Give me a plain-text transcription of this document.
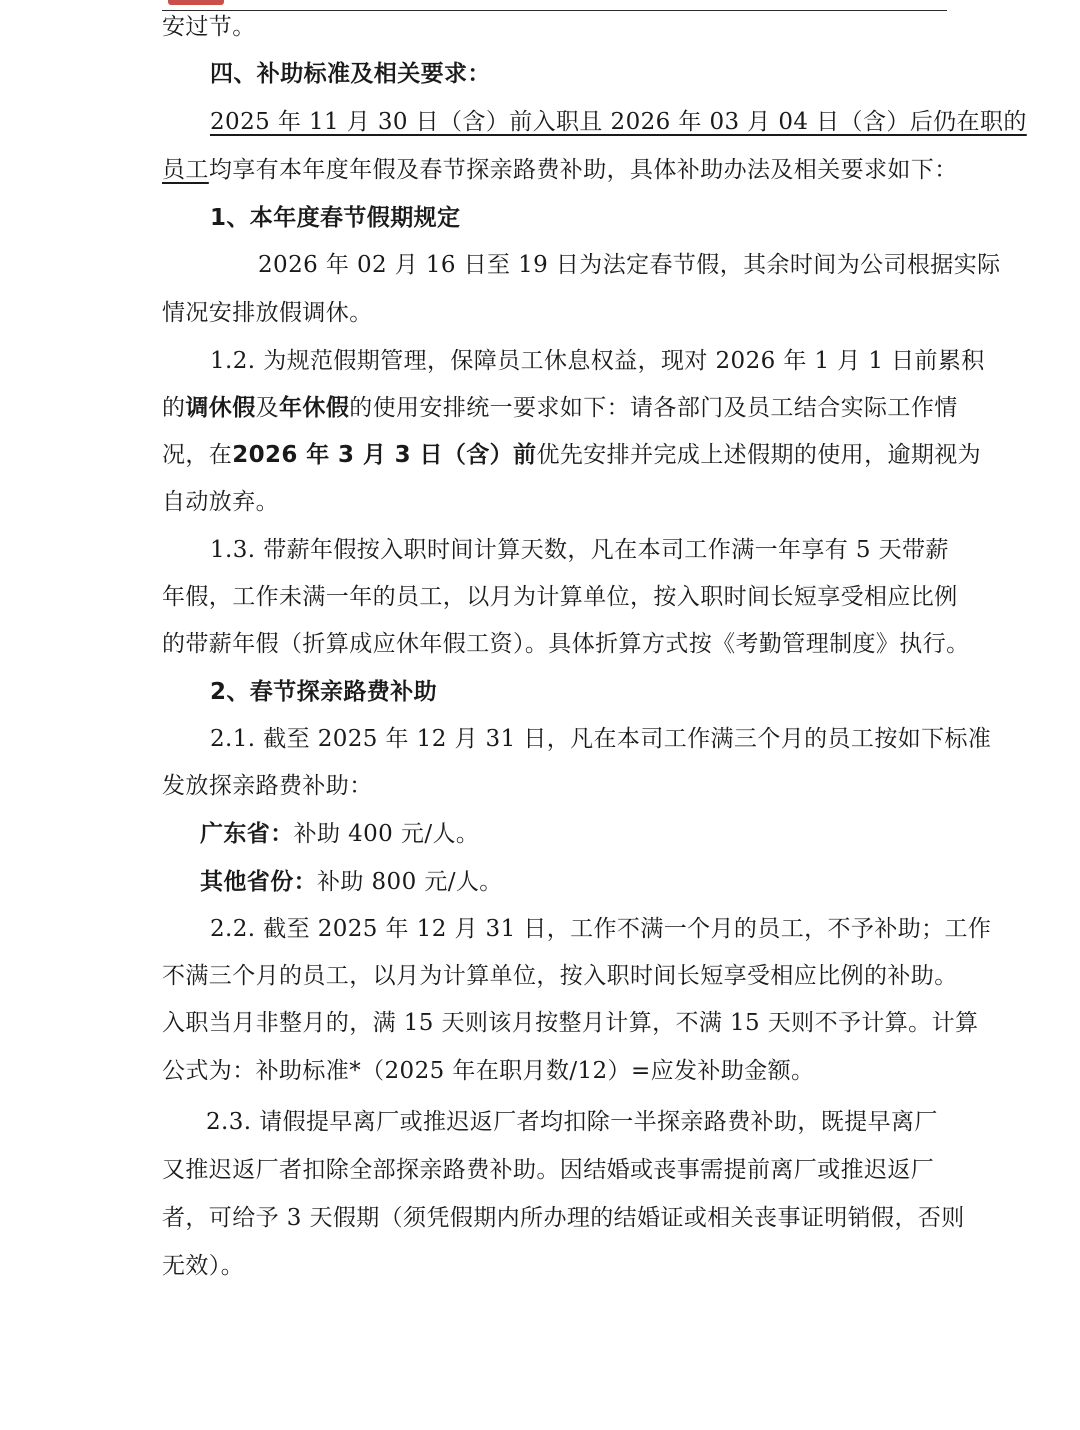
安过节。
四、补助标准及相关要求：
2025 年 11 月 30 日（含）前入职且 2026 年 03 月 04 日（含）后仍在职的
员工均享有本年度年假及春节探亲路费补助，具体补助办法及相关要求如下：
1、本年度春节假期规定
2026 年 02 月 16 日至 19 日为法定春节假，其余时间为公司根据实际
情况安排放假调休。
1.2. 为规范假期管理，保障员工休息权益，现对 2026 年 1 月 1 日前累积
的调休假及年休假的使用安排统一要求如下：请各部门及员工结合实际工作情
况，在2026 年 3 月 3 日（含）前优先安排并完成上述假期的使用，逾期视为
自动放弃。
1.3. 带薪年假按入职时间计算天数，凡在本司工作满一年享有 5 天带薪
年假，工作未满一年的员工，以月为计算单位，按入职时间长短享受相应比例
的带薪年假（折算成应休年假工资）。具体折算方式按《考勤管理制度》执行。
2、春节探亲路费补助
2.1. 截至 2025 年 12 月 31 日，凡在本司工作满三个月的员工按如下标准
发放探亲路费补助：
广东省：补助 400 元/人。
其他省份：补助 800 元/人。
2.2. 截至 2025 年 12 月 31 日，工作不满一个月的员工，不予补助；工作
不满三个月的员工，以月为计算单位，按入职时间长短享受相应比例的补助。
入职当月非整月的，满 15 天则该月按整月计算，不满 15 天则不予计算。计算
公式为：补助标准*（2025 年在职月数/12）=应发补助金额。
2.3. 请假提早离厂或推迟返厂者均扣除一半探亲路费补助，既提早离厂
又推迟返厂者扣除全部探亲路费补助。因结婚或丧事需提前离厂或推迟返厂
者，可给予 3 天假期（须凭假期内所办理的结婚证或相关丧事证明销假，否则
无效）。
